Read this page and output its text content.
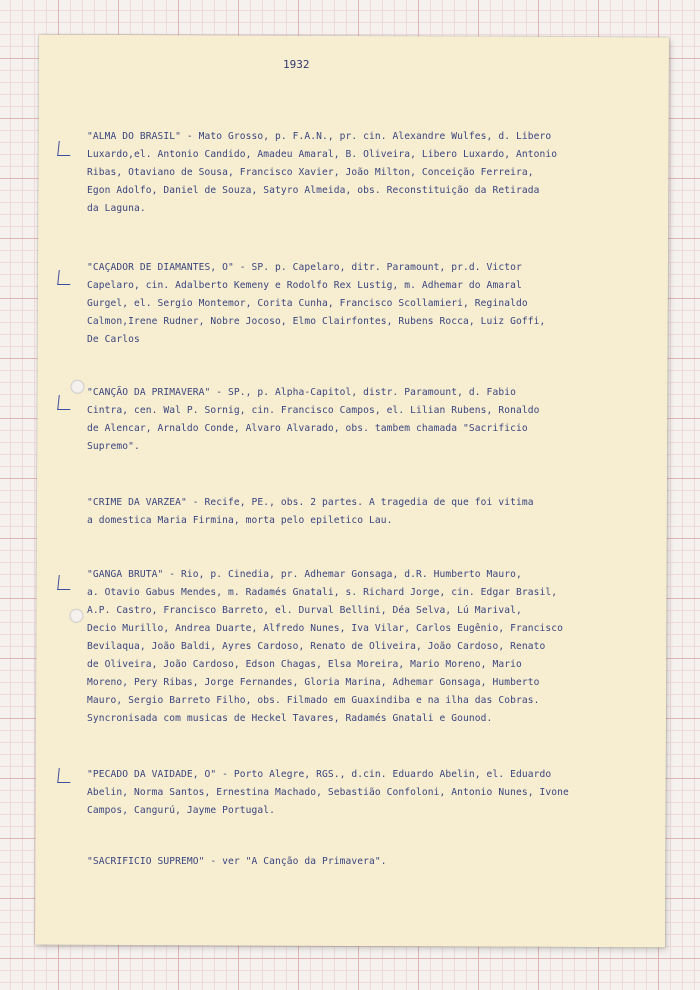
1932

"ALMA DO BRASIL" - Mato Grosso, p. F.A.N., pr. cin. Alexandre Wulfes, d. Libero

Luxardo,el. Antonio Candido, Amadeu Amaral, B. Oliveira, Libero Luxardo, Antonio

Ribas, Otaviano de Sousa, Francisco Xavier, João Milton, Conceição Ferreira,

Egon Adolfo, Daniel de Souza, Satyro Almeida, obs. Reconstituição da Retirada

da Laguna.

"CAÇADOR DE DIAMANTES, O" - SP. p. Capelaro, ditr. Paramount, pr.d. Victor

Capelaro, cin. Adalberto Kemeny e Rodolfo Rex Lustig, m. Adhemar do Amaral

Gurgel, el. Sergio Montemor, Corita Cunha, Francisco Scollamieri, Reginaldo

Calmon,Irene Rudner, Nobre Jocoso, Elmo Clairfontes, Rubens Rocca, Luiz Goffi,

De Carlos

"CANÇÃO DA PRIMAVERA" - SP., p. Alpha-Capitol, distr. Paramount, d. Fabio

Cintra, cen. Wal P. Sornig, cin. Francisco Campos, el. Lilian Rubens, Ronaldo

de Alencar, Arnaldo Conde, Alvaro Alvarado, obs. tambem chamada "Sacrificio

Supremo".

"CRIME DA VARZEA" - Recife, PE., obs. 2 partes. A tragedia de que foi vitima

a domestica Maria Firmina, morta pelo epiletico Lau.

"GANGA BRUTA" - Rio, p. Cinedia, pr. Adhemar Gonsaga, d.R. Humberto Mauro,

a. Otavio Gabus Mendes, m. Radamés Gnatali, s. Richard Jorge, cin. Edgar Brasil,

A.P. Castro, Francisco Barreto, el. Durval Bellini, Déa Selva, Lú Marival,

Decio Murillo, Andrea Duarte, Alfredo Nunes, Iva Vilar, Carlos Eugênio, Francisco

Bevilaqua, João Baldi, Ayres Cardoso, Renato de Oliveira, João Cardoso, Renato

de Oliveira, João Cardoso, Edson Chagas, Elsa Moreira, Mario Moreno, Mario

Moreno, Pery Ribas, Jorge Fernandes, Gloria Marina, Adhemar Gonsaga, Humberto

Mauro, Sergio Barreto Filho, obs. Filmado em Guaxindiba e na ilha das Cobras.

Syncronisada com musicas de Heckel Tavares, Radamés Gnatali e Gounod.

"PECADO DA VAIDADE, O" - Porto Alegre, RGS., d.cin. Eduardo Abelin, el. Eduardo

Abelin, Norma Santos, Ernestina Machado, Sebastião Confoloni, Antonio Nunes, Ivone

Campos, Cangurú, Jayme Portugal.

"SACRIFICIO SUPREMO" - ver "A Canção da Primavera".
